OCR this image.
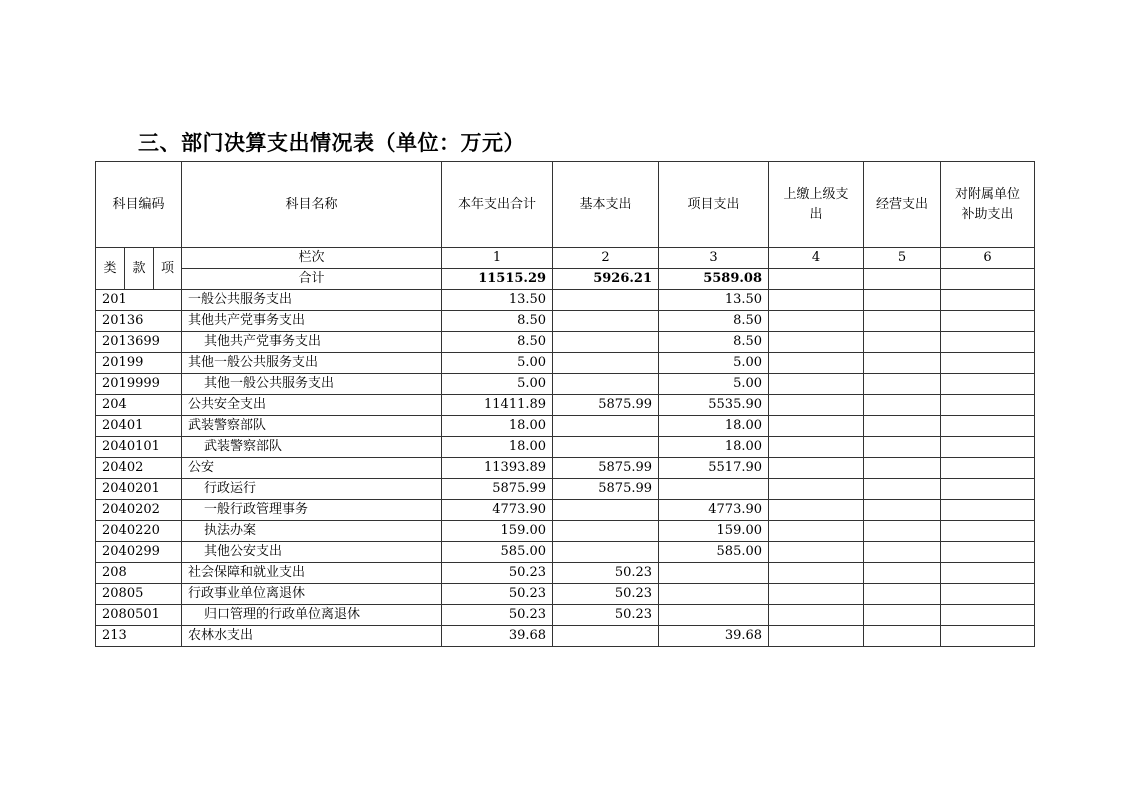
三、部门决算支出情况表（单位：万元）
科目编码			科目名称	本年支出合计	基本支出	项目支出	上缴上级支出	经营支出	对附属单位补助支出
类	款	项	栏次	1	2	3	4	5	6
			合计	11515.29	5926.21	5589.08			
201			一般公共服务支出	13.50		13.50			
20136			其他共产党事务支出	8.50		8.50			
2013699			其他共产党事务支出	8.50		8.50			
20199			其他一般公共服务支出	5.00		5.00			
2019999			其他一般公共服务支出	5.00		5.00			
204			公共安全支出	11411.89	5875.99	5535.90			
20401			武装警察部队	18.00		18.00			
2040101			武装警察部队	18.00		18.00			
20402			公安	11393.89	5875.99	5517.90			
2040201			行政运行	5875.99	5875.99				
2040202			一般行政管理事务	4773.90		4773.90			
2040220			执法办案	159.00		159.00			
2040299			其他公安支出	585.00		585.00			
208			社会保障和就业支出	50.23	50.23				
20805			行政事业单位离退休	50.23	50.23				
2080501			归口管理的行政单位离退休	50.23	50.23				
213			农林水支出	39.68		39.68			
